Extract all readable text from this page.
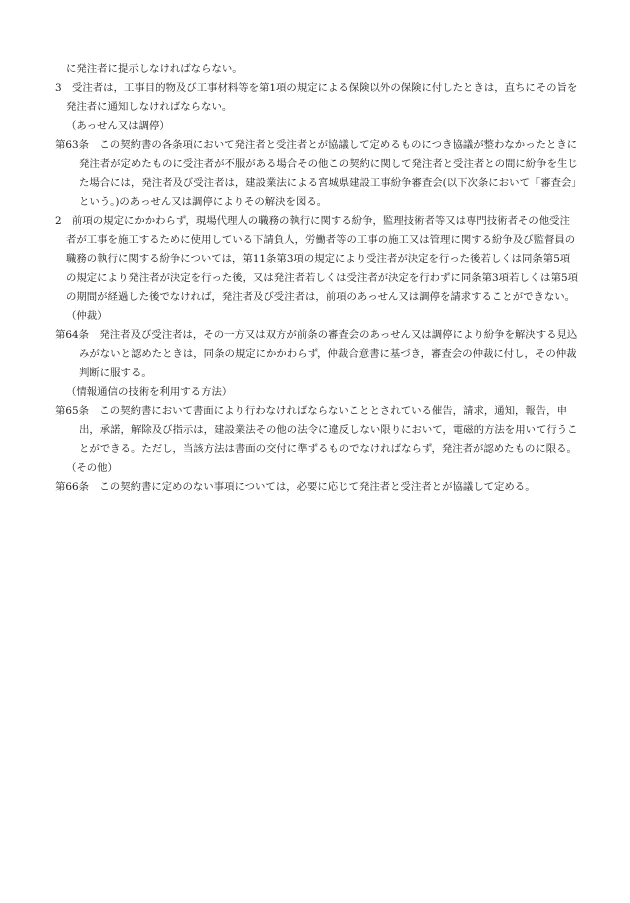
に発注者に提示しなければならない。

3　受注者は，工事目的物及び工事材料等を第1項の規定による保険以外の保険に付したときは，直ちにその旨を発注者に通知しなければならない。

（あっせん又は調停）

第63条　この契約書の各条項において発注者と受注者とが協議して定めるものにつき協議が整わなかったときに発注者が定めたものに受注者が不服がある場合その他この契約に関して発注者と受注者との間に紛争を生じた場合には，発注者及び受注者は，建設業法による宮城県建設工事紛争審査会(以下次条において「審査会」という。)のあっせん又は調停によりその解決を図る。

2　前項の規定にかかわらず，現場代理人の職務の執行に関する紛争，監理技術者等又は専門技術者その他受注者が工事を施工するために使用している下請負人，労働者等の工事の施工又は管理に関する紛争及び監督員の職務の執行に関する紛争については，第11条第3項の規定により受注者が決定を行った後若しくは同条第5項の規定により発注者が決定を行った後，又は発注者若しくは受注者が決定を行わずに同条第3項若しくは第5項の期間が経過した後でなければ，発注者及び受注者は，前項のあっせん又は調停を請求することができない。

（仲裁）

第64条　発注者及び受注者は，その一方又は双方が前条の審査会のあっせん又は調停により紛争を解決する見込みがないと認めたときは，同条の規定にかかわらず，仲裁合意書に基づき，審査会の仲裁に付し，その仲裁判断に服する。

（情報通信の技術を利用する方法）

第65条　この契約書において書面により行わなければならないこととされている催告，請求，通知，報告，申出，承諾，解除及び指示は，建設業法その他の法令に違反しない限りにおいて，電磁的方法を用いて行うことができる。ただし，当該方法は書面の交付に準ずるものでなければならず，発注者が認めたものに限る。

（その他）

第66条　この契約書に定めのない事項については，必要に応じて発注者と受注者とが協議して定める。
